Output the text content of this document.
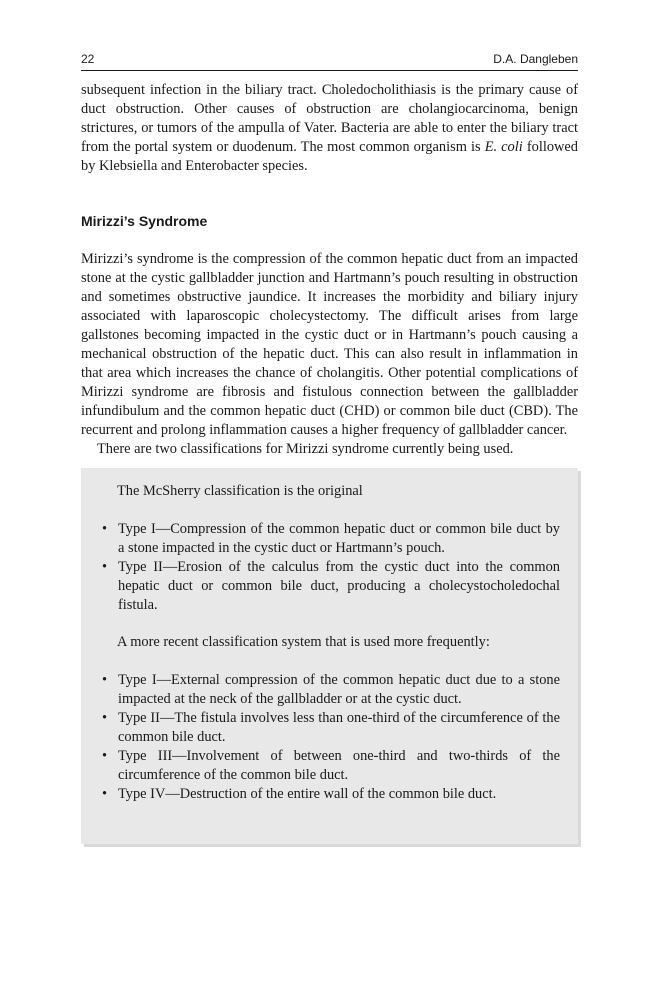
22	D.A. Dangleben

subsequent infection in the biliary tract. Choledocholithiasis is the primary cause of duct obstruction. Other causes of obstruction are cholangiocarcinoma, benign strictures, or tumors of the ampulla of Vater. Bacteria are able to enter the biliary tract from the portal system or duodenum. The most common organism is E. coli followed by Klebsiella and Enterobacter species.

Mirizzi’s Syndrome

Mirizzi’s syndrome is the compression of the common hepatic duct from an impacted stone at the cystic gallbladder junction and Hartmann’s pouch resulting in obstruction and sometimes obstructive jaundice. It increases the morbidity and biliary injury associated with laparoscopic cholecystectomy. The difficult arises from large gallstones becoming impacted in the cystic duct or in Hartmann’s pouch causing a mechanical obstruction of the hepatic duct. This can also result in inflammation in that area which increases the chance of cholangitis. Other potential complications of Mirizzi syndrome are fibrosis and fistulous connection between the gallbladder infundibulum and the common hepatic duct (CHD) or common bile duct (CBD). The recurrent and prolong inflammation causes a higher frequency of gallbladder cancer.

There are two classifications for Mirizzi syndrome currently being used.

The McSherry classification is the original

• Type I—Compression of the common hepatic duct or common bile duct by a stone impacted in the cystic duct or Hartmann’s pouch.
• Type II—Erosion of the calculus from the cystic duct into the common hepatic duct or common bile duct, producing a cholecystocholedochal fistula.

A more recent classification system that is used more frequently:

• Type I—External compression of the common hepatic duct due to a stone impacted at the neck of the gallbladder or at the cystic duct.
• Type II—The fistula involves less than one-third of the circumference of the common bile duct.
• Type III—Involvement of between one-third and two-thirds of the circumference of the common bile duct.
• Type IV—Destruction of the entire wall of the common bile duct.
